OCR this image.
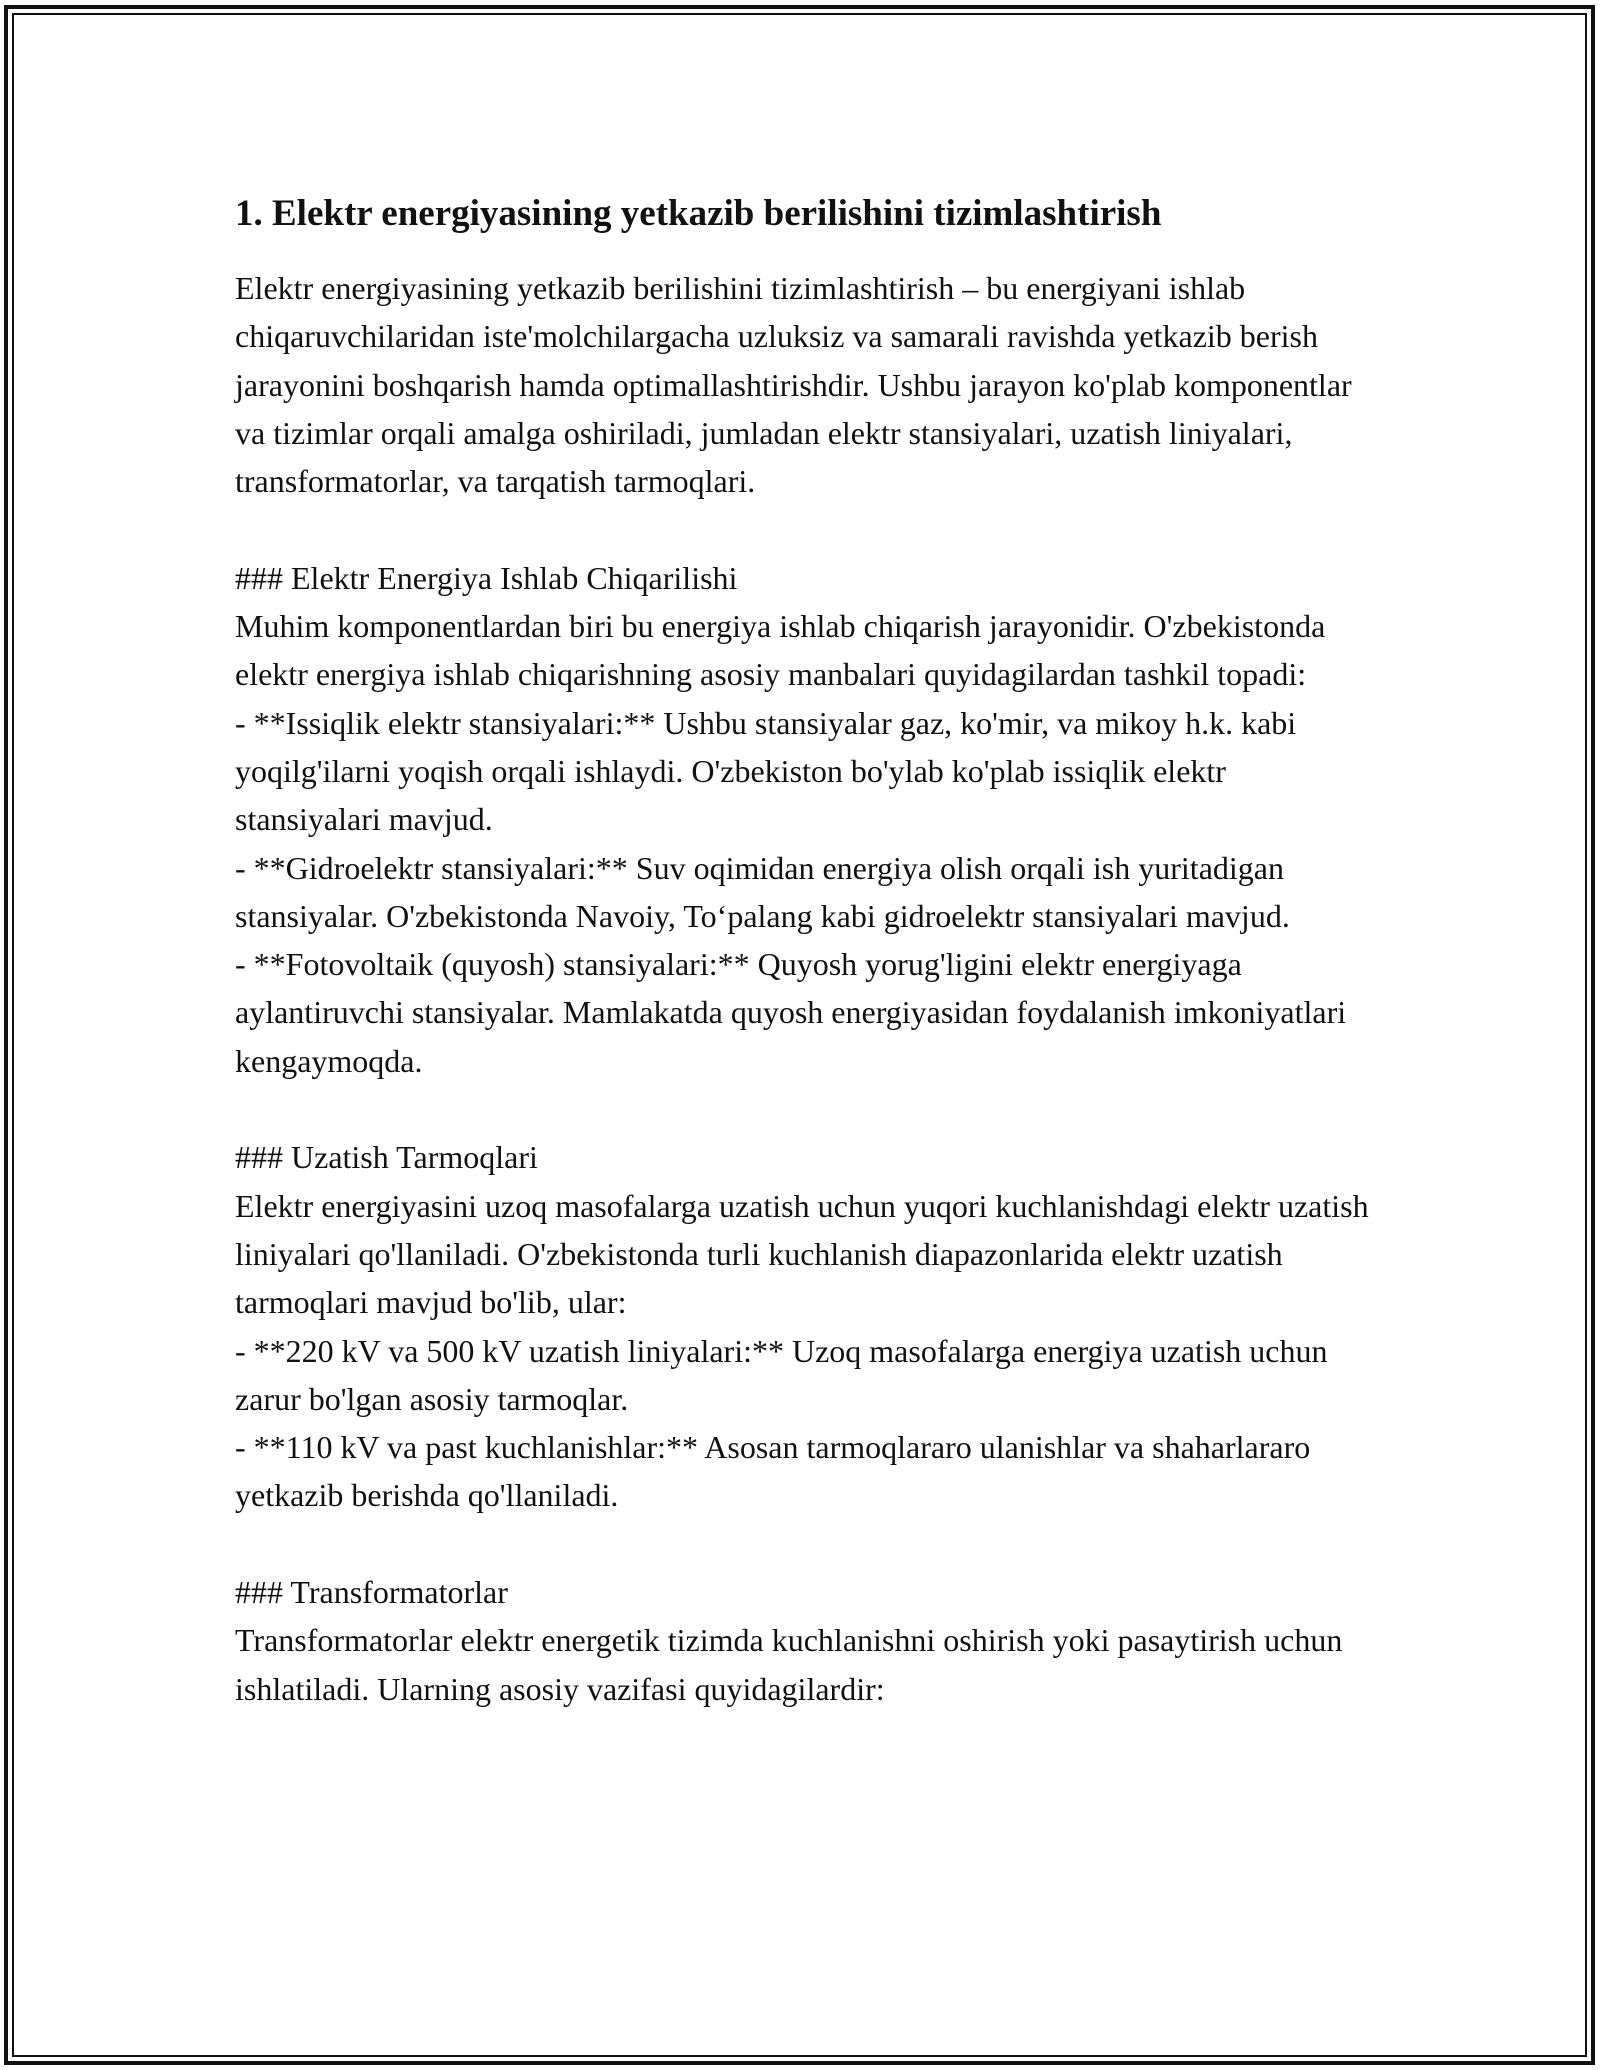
1. Elektr energiyasining yetkazib berilishini tizimlashtirish

Elektr energiyasining yetkazib berilishini tizimlashtirish – bu energiyani ishlab chiqaruvchilaridan iste'molchilargacha uzluksiz va samarali ravishda yetkazib berish jarayonini boshqarish hamda optimallashtirishdir. Ushbu jarayon ko'plab komponentlar va tizimlar orqali amalga oshiriladi, jumladan elektr stansiyalari, uzatish liniyalari, transformatorlar, va tarqatish tarmoqlari.

### Elektr Energiya Ishlab Chiqarilishi

Muhim komponentlardan biri bu energiya ishlab chiqarish jarayonidir. O'zbekistonda elektr energiya ishlab chiqarishning asosiy manbalari quyidagilardan tashkil topadi:
- **Issiqlik elektr stansiyalari:** Ushbu stansiyalar gaz, ko'mir, va mikoy h.k. kabi yoqilg'ilarni yoqish orqali ishlaydi. O'zbekiston bo'ylab ko'plab issiqlik elektr stansiyalari mavjud.
- **Gidroelektr stansiyalari:** Suv oqimidan energiya olish orqali ish yuritadigan stansiyalar. O'zbekistonda Navoiy, To‘palang kabi gidroelektr stansiyalari mavjud.
- **Fotovoltaik (quyosh) stansiyalari:** Quyosh yorug'ligini elektr energiyaga aylantiruvchi stansiyalar. Mamlakatda quyosh energiyasidan foydalanish imkoniyatlari kengaymoqda.

### Uzatish Tarmoqlari

Elektr energiyasini uzoq masofalarga uzatish uchun yuqori kuchlanishdagi elektr uzatish liniyalari qo'llaniladi. O'zbekistonda turli kuchlanish diapazonlarida elektr uzatish tarmoqlari mavjud bo'lib, ular:
- **220 kV va 500 kV uzatish liniyalari:** Uzoq masofalarga energiya uzatish uchun zarur bo'lgan asosiy tarmoqlar.
- **110 kV va past kuchlanishlar:** Asosan tarmoqlararo ulanishlar va shaharlararo yetkazib berishda qo'llaniladi.

### Transformatorlar

Transformatorlar elektr energetik tizimda kuchlanishni oshirish yoki pasaytirish uchun ishlatiladi. Ularning asosiy vazifasi quyidagilardir:
